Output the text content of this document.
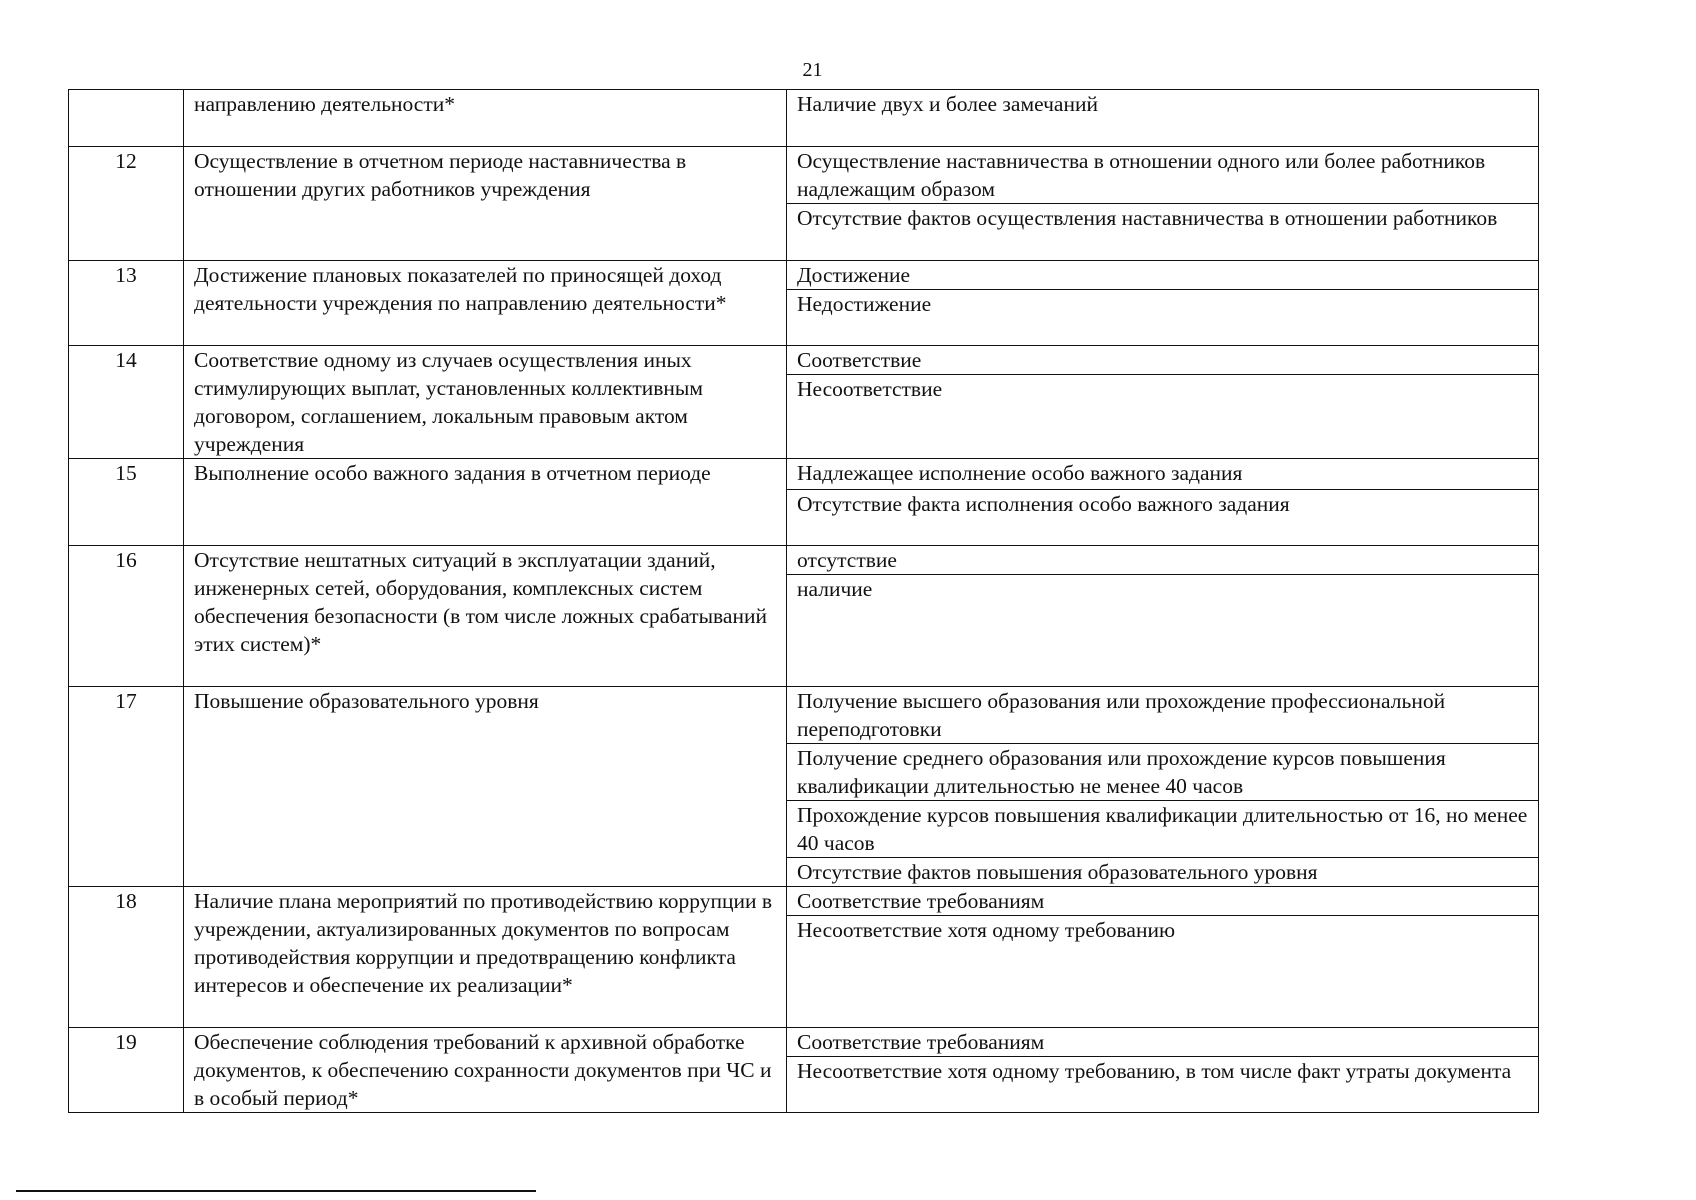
21
	направлению деятельности*	Наличие двух и более замечаний
12	Осуществление в отчетном периоде наставничества в отношении других работников учреждения	Осуществление наставничества в отношении одного или более работников надлежащим образом
		Отсутствие фактов осуществления наставничества в отношении работников
13	Достижение плановых показателей по приносящей доход деятельности учреждения по направлению деятельности*	Достижение
		Недостижение
14	Соответствие одному из случаев осуществления иных стимулирующих выплат, установленных коллективным договором, соглашением, локальным правовым актом учреждения	Соответствие
		Несоответствие
15	Выполнение особо важного задания в отчетном периоде	Надлежащее исполнение особо важного задания
		Отсутствие факта исполнения особо важного задания
16	Отсутствие нештатных ситуаций в эксплуатации зданий, инженерных сетей, оборудования, комплексных систем обеспечения безопасности (в том числе ложных срабатываний этих систем)*	отсутствие
		наличие
17	Повышение образовательного уровня	Получение высшего образования или прохождение профессиональной переподготовки
		Получение среднего образования или прохождение курсов повышения квалификации длительностью не менее 40 часов
		Прохождение курсов повышения квалификации длительностью от 16, но менее 40 часов
		Отсутствие фактов повышения образовательного уровня
18	Наличие плана мероприятий по противодействию коррупции в учреждении, актуализированных документов по вопросам противодействия коррупции и предотвращению конфликта интересов и обеспечение их реализации*	Соответствие требованиям
		Несоответствие хотя одному требованию
19	Обеспечение соблюдения требований к архивной обработке документов, к обеспечению сохранности документов при ЧС и в особый период*	Соответствие требованиям
		Несоответствие хотя одному требованию, в том числе факт утраты документа
